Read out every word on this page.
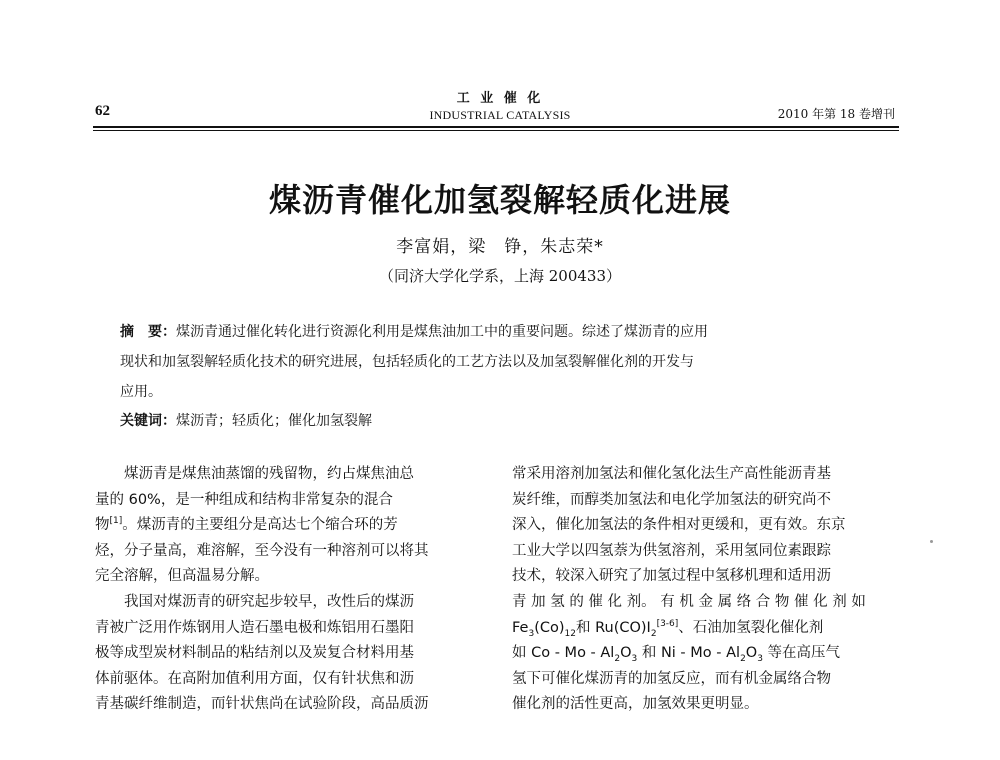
工 业 催 化
INDUSTRIAL CATALYSIS
62	2010 年第 18 卷增刊
煤沥青催化加氢裂解轻质化进展
李富娟，梁　铮，朱志荣*
（同济大学化学系，上海 200433）
摘　要：煤沥青通过催化转化进行资源化利用是煤焦油加工中的重要问题。综述了煤沥青的应用
现状和加氢裂解轻质化技术的研究进展，包括轻质化的工艺方法以及加氢裂解催化剂的开发与
应用。
关键词：煤沥青；轻质化；催化加氢裂解
　　煤沥青是煤焦油蒸馏的残留物，约占煤焦油总
量的 60%，是一种组成和结构非常复杂的混合
物[1]。煤沥青的主要组分是高达七个缩合环的芳
烃，分子量高，难溶解，至今没有一种溶剂可以将其
完全溶解，但高温易分解。
　　我国对煤沥青的研究起步较早，改性后的煤沥
青被广泛用作炼钢用人造石墨电极和炼铝用石墨阳
极等成型炭材料制品的粘结剂以及炭复合材料用基
体前驱体。在高附加值利用方面，仅有针状焦和沥
青基碳纤维制造，而针状焦尚在试验阶段，高品质沥
常采用溶剂加氢法和催化氢化法生产高性能沥青基
炭纤维，而醇类加氢法和电化学加氢法的研究尚不
深入，催化加氢法的条件相对更缓和，更有效。东京
工业大学以四氢萘为供氢溶剂，采用氢同位素跟踪
技术，较深入研究了加氢过程中氢移机理和适用沥
青 加 氢 的 催 化 剂。 有 机 金 属 络 合 物 催 化 剂 如
$Fe_3(Co)_{12}$和 $Ru(CO)I_2[3-6]$、石油加氢裂化催化剂
如 Co - Mo - $Al_2O_3$ 和 Ni - Mo - $Al_2O_3$ 等在高压气
氢下可催化煤沥青的加氢反应，而有机金属络合物
催化剂的活性更高，加氢效果更明显。
